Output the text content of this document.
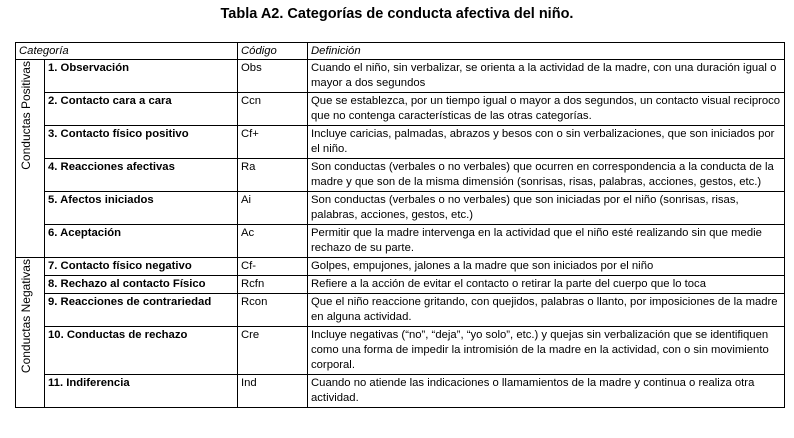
Tabla A2. Categorías de conducta afectiva del niño.
Categoría		Código	Definición
Conductas Positivas	1. Observación	Obs	Cuando el niño, sin verbalizar, se orienta a la actividad de la madre, con una duración igual o mayor a dos segundos
	2. Contacto cara a cara	Ccn	Que se establezca, por un tiempo igual o mayor a dos segundos, un contacto visual reciproco que no contenga características de las otras categorías.
	3. Contacto físico positivo	Cf+	Incluye caricias, palmadas, abrazos y besos con o sin verbalizaciones, que son iniciados por el niño.
	4. Reacciones afectivas	Ra	Son conductas (verbales o no verbales) que ocurren en correspondencia a la conducta de la madre y que son de la misma dimensión (sonrisas, risas, palabras, acciones, gestos, etc.)
	5. Afectos iniciados	Ai	Son conductas (verbales o no verbales) que son iniciadas por el niño (sonrisas, risas, palabras, acciones, gestos, etc.)
	6. Aceptación	Ac	Permitir que la madre intervenga en la actividad que el niño esté realizando sin que medie rechazo de su parte.
Conductas Negativas	7. Contacto físico negativo	Cf-	Golpes, empujones, jalones a la madre que son iniciados por el niño
	8. Rechazo al contacto Físico	Rcfn	Refiere a la acción de evitar el contacto o retirar la parte del cuerpo que lo toca
	9. Reacciones de contrariedad	Rcon	Que el niño reaccione gritando, con quejidos, palabras o llanto, por imposiciones de la madre en alguna actividad.
	10. Conductas de rechazo	Cre	Incluye negativas (“no”, “deja”, “yo solo”, etc.) y quejas sin verbalización que se identifiquen como una forma de impedir la intromisión de la madre en la actividad, con o sin movimiento corporal.
	11. Indiferencia	Ind	Cuando no atiende las indicaciones o llamamientos de la madre y continua o realiza otra actividad.
